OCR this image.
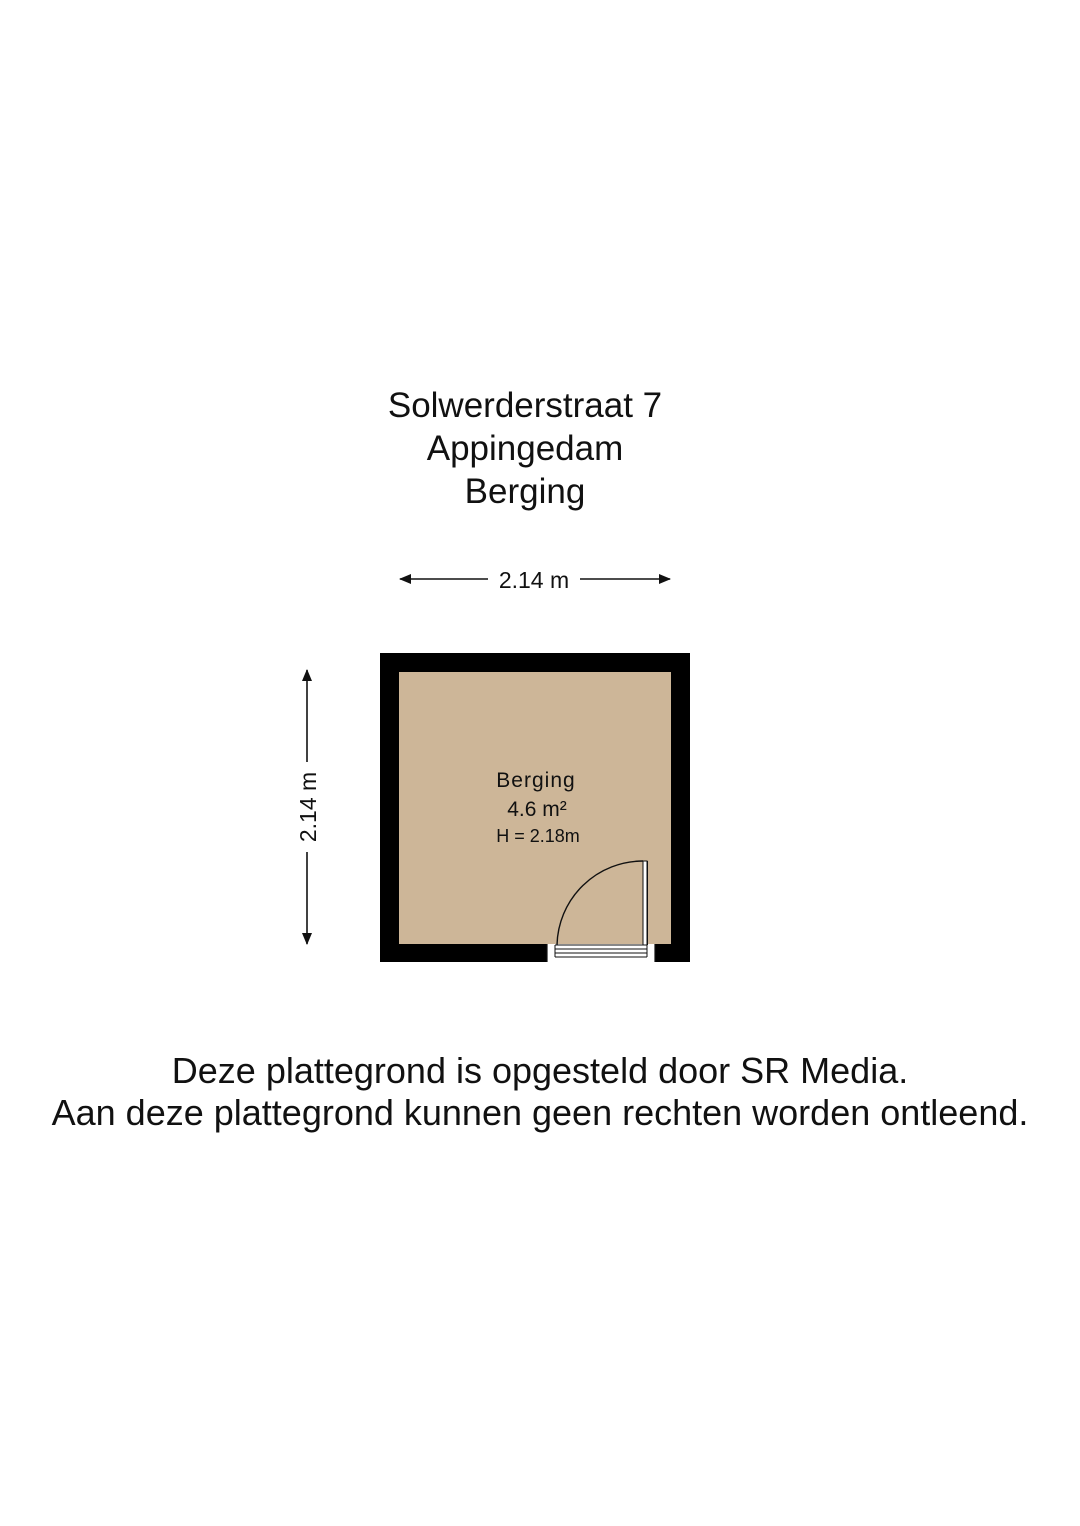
Solwerderstraat 7
Appingedam
Berging
2.14 m
2.14 m	Berging
4.6 m²
H = 2.18m
Deze plattegrond is opgesteld door SR Media.
Aan deze plattegrond kunnen geen rechten worden ontleend.
